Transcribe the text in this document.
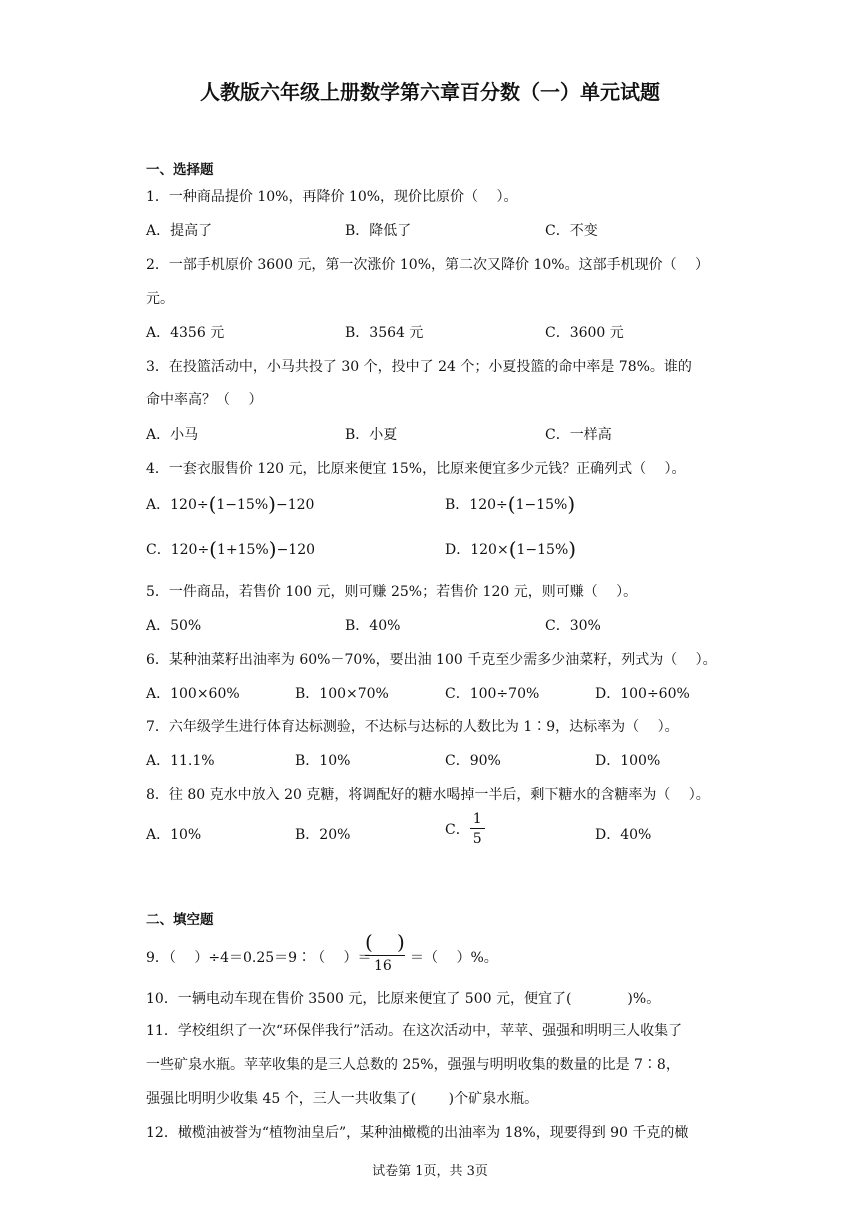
人教版六年级上册数学第六章百分数（一）单元试题
一、选择题
1．一种商品提价 10%，再降价 10%，现价比原价（　 ）。
A．提高了	B．降低了	C．不变
2．一部手机原价 3600 元，第一次涨价 10%，第二次又降价 10%。这部手机现价（　 ）
元。
A．4356 元	B．3564 元	C．3600 元
3．在投篮活动中，小马共投了 30 个，投中了 24 个；小夏投篮的命中率是 78%。谁的
命中率高？（　 ）
A．小马	B．小夏	C．一样高
4．一套衣服售价 120 元，比原来便宜 15%，比原来便宜多少元钱？正确列式（　 ）。
A．120÷(1−15%)−120	B．120÷(1−15%)
C．120÷(1+15%)−120	D．120×(1−15%)
5．一件商品，若售价 100 元，则可赚 25%；若售价 120 元，则可赚（　 ）。
A．50%	B．40%	C．30%
6．某种油菜籽出油率为 60%－70%，要出油 100 千克至少需多少油菜籽，列式为（　 ）。
A．100×60%	B．100×70%	C．100÷70%	D．100÷60%
7．六年级学生进行体育达标测验，不达标与达标的人数比为 1∶9，达标率为（　 ）。
A．11.1%	B．10%	C．90%	D．100%
8．往 80 克水中放入 20 克糖，将调配好的糖水喝掉一半后，剩下糖水的含糖率为（　 ）。
A．10%	B．20%	C． $\frac{1}{5}$	D．40%
二、填空题
9．（　 ）÷4＝0.25＝9∶（　 ）＝
( )
16 ＝（　 ）%。
10．一辆电动车现在售价 3500 元，比原来便宜了 500 元，便宜了(　　　　)%。
11．学校组织了一次“环保伴我行”活动。在这次活动中，苹苹、强强和明明三人收集了
一些矿泉水瓶。苹苹收集的是三人总数的 25%，强强与明明收集的数量的比是 7∶8，
强强比明明少收集 45 个，三人一共收集了(　　 )个矿泉水瓶。
12．橄榄油被誉为“植物油皇后”，某种油橄榄的出油率为 18%，现要得到 90 千克的橄
试卷第 1页，共 3页
